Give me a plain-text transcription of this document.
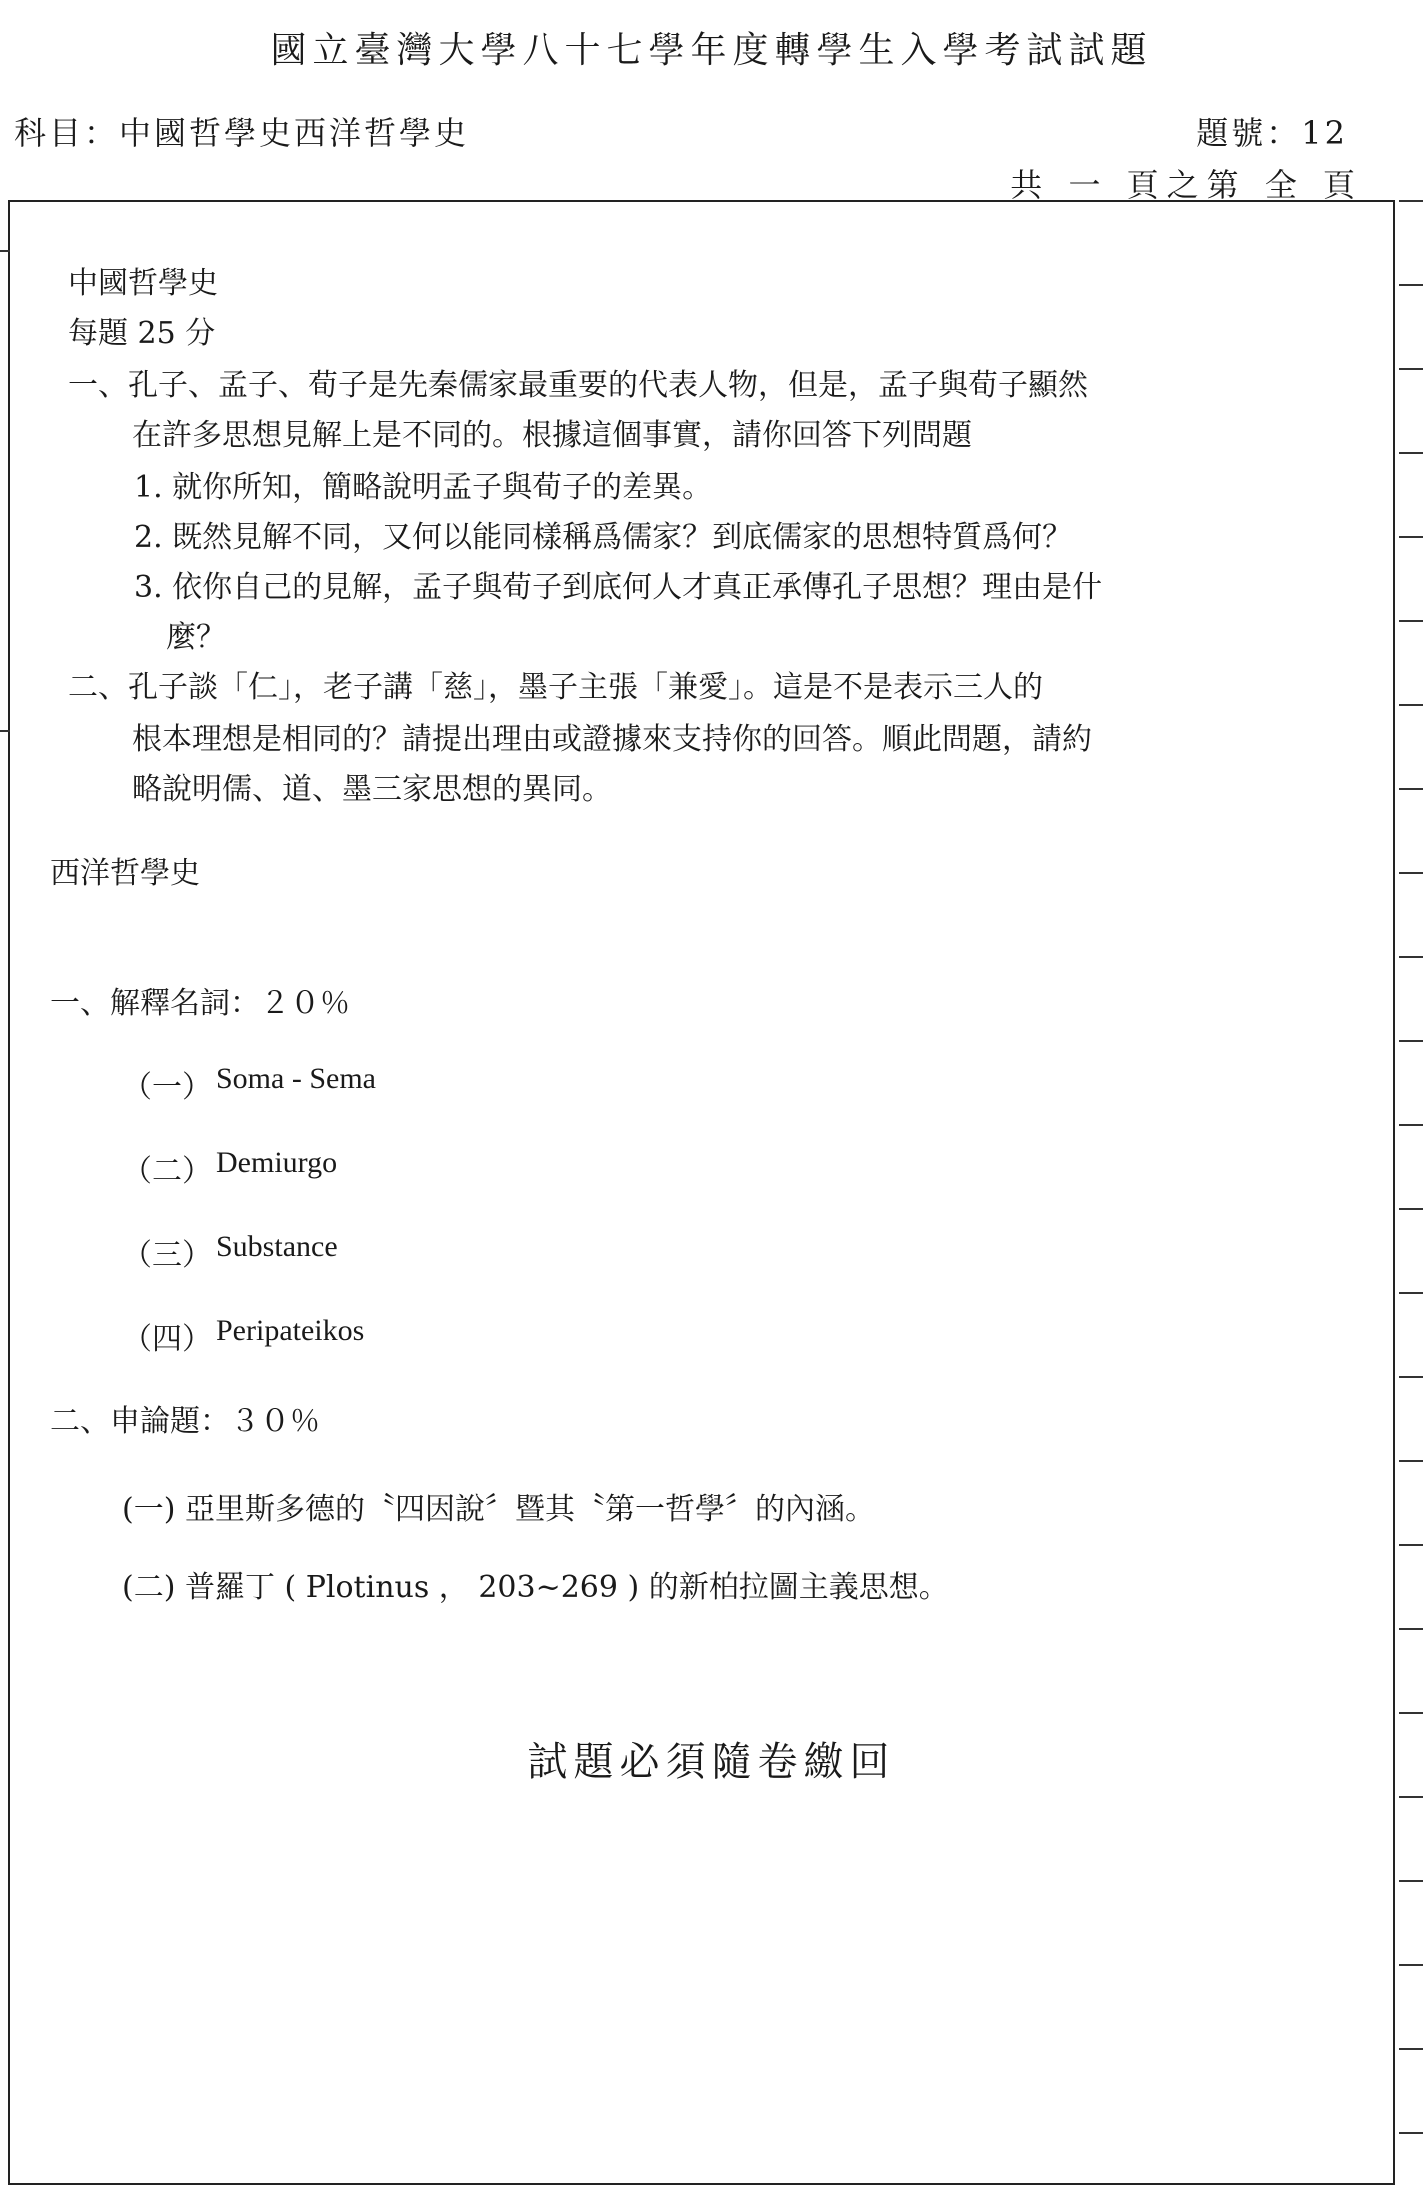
國立臺灣大學八十七學年度轉學生入學考試試題
科目：中國哲學史西洋哲學史	題號：12
共 一 頁之第 全 頁
中國哲學史
每題 25 分
一、孔子、孟子、荀子是先秦儒家最重要的代表人物，但是，孟子與荀子顯然
在許多思想見解上是不同的。根據這個事實，請你回答下列問題
1. 就你所知，簡略說明孟子與荀子的差異。
2. 既然見解不同，又何以能同樣稱爲儒家？到底儒家的思想特質爲何？
3. 依你自己的見解，孟子與荀子到底何人才真正承傳孔子思想？理由是什
麼？
二、孔子談「仁」，老子講「慈」，墨子主張「兼愛」。這是不是表示三人的
根本理想是相同的？請提出理由或證據來支持你的回答。順此問題，請約
略說明儒、道、墨三家思想的異同。
西洋哲學史
一、解釋名詞：２０％
（一） Soma - Sema
（二） Demiurgo
（三） Substance
（四） Peripateikos
二、申論題：３０％
(一) 亞里斯多德的〝四因說〞暨其〝第一哲學〞的內涵。
(二) 普羅丁 ( Plotinus ， 203~269 ) 的新柏拉圖主義思想。
試題必須隨卷繳回
